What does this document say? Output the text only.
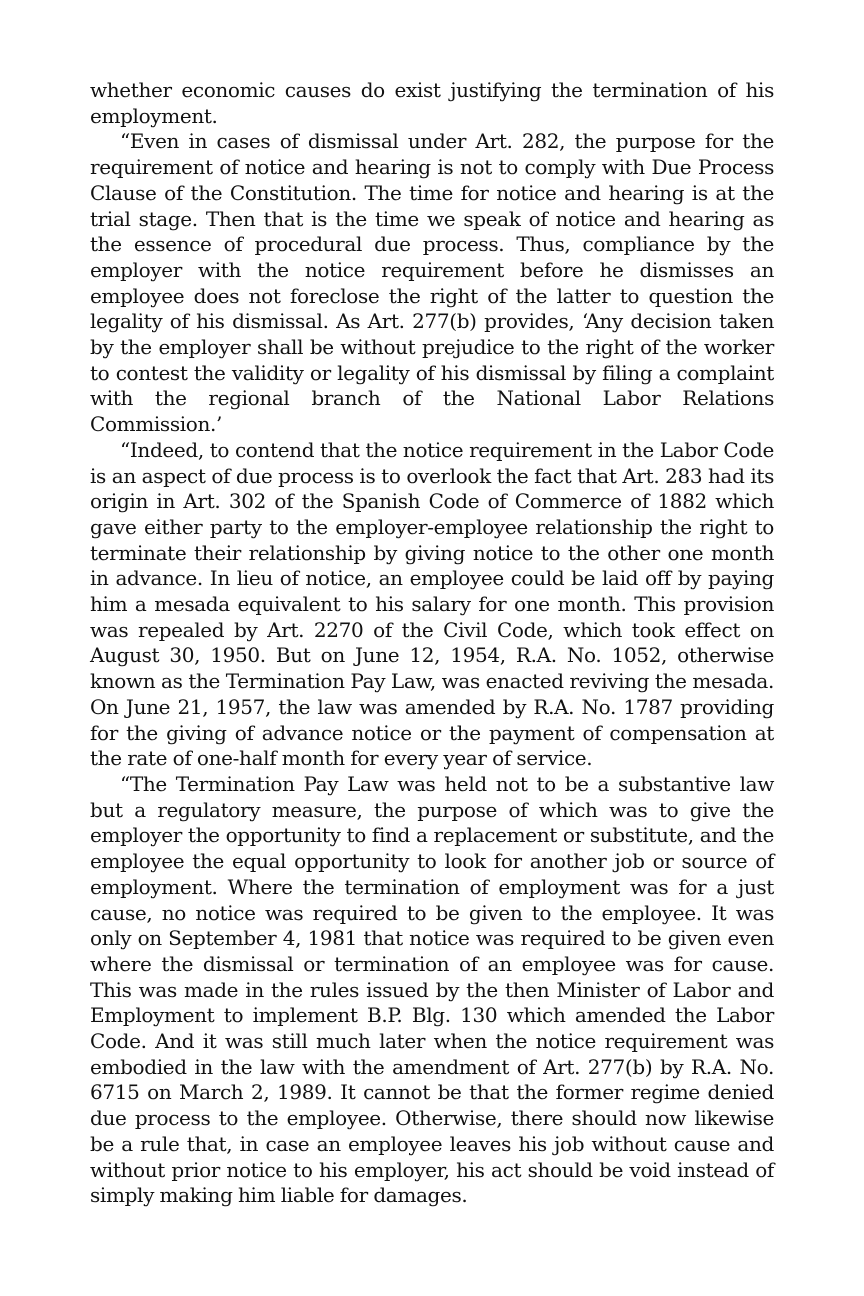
whether economic causes do exist justifying the termination of his employment.

“Even in cases of dismissal under Art. 282, the purpose for the requirement of notice and hearing is not to comply with Due Process Clause of the Constitution. The time for notice and hearing is at the trial stage. Then that is the time we speak of notice and hearing as the essence of procedural due process. Thus, compliance by the employer with the notice requirement before he dismisses an employee does not foreclose the right of the latter to question the legality of his dismissal. As Art. 277(b) provides, ‘Any decision taken by the employer shall be without prejudice to the right of the worker to contest the validity or legality of his dismissal by filing a complaint with the regional branch of the National Labor Relations Commission.’

“Indeed, to contend that the notice requirement in the Labor Code is an aspect of due process is to overlook the fact that Art. 283 had its origin in Art. 302 of the Spanish Code of Commerce of 1882 which gave either party to the employer-employee relationship the right to terminate their relationship by giving notice to the other one month in advance. In lieu of notice, an employee could be laid off by paying him a mesada equivalent to his salary for one month. This provision was repealed by Art. 2270 of the Civil Code, which took effect on August 30, 1950. But on June 12, 1954, R.A. No. 1052, otherwise known as the Termination Pay Law, was enacted reviving the mesada. On June 21, 1957, the law was amended by R.A. No. 1787 providing for the giving of advance notice or the payment of compensation at the rate of one-half month for every year of service.

“The Termination Pay Law was held not to be a substantive law but a regulatory measure, the purpose of which was to give the employer the opportunity to find a replacement or substitute, and the employee the equal opportunity to look for another job or source of employment. Where the termination of employment was for a just cause, no notice was required to be given to the employee. It was only on September 4, 1981 that notice was required to be given even where the dismissal or termination of an employee was for cause. This was made in the rules issued by the then Minister of Labor and Employment to implement B.P. Blg. 130 which amended the Labor Code. And it was still much later when the notice requirement was embodied in the law with the amendment of Art. 277(b) by R.A. No. 6715 on March 2, 1989. It cannot be that the former regime denied due process to the employee. Otherwise, there should now likewise be a rule that, in case an employee leaves his job without cause and without prior notice to his employer, his act should be void instead of simply making him liable for damages.
